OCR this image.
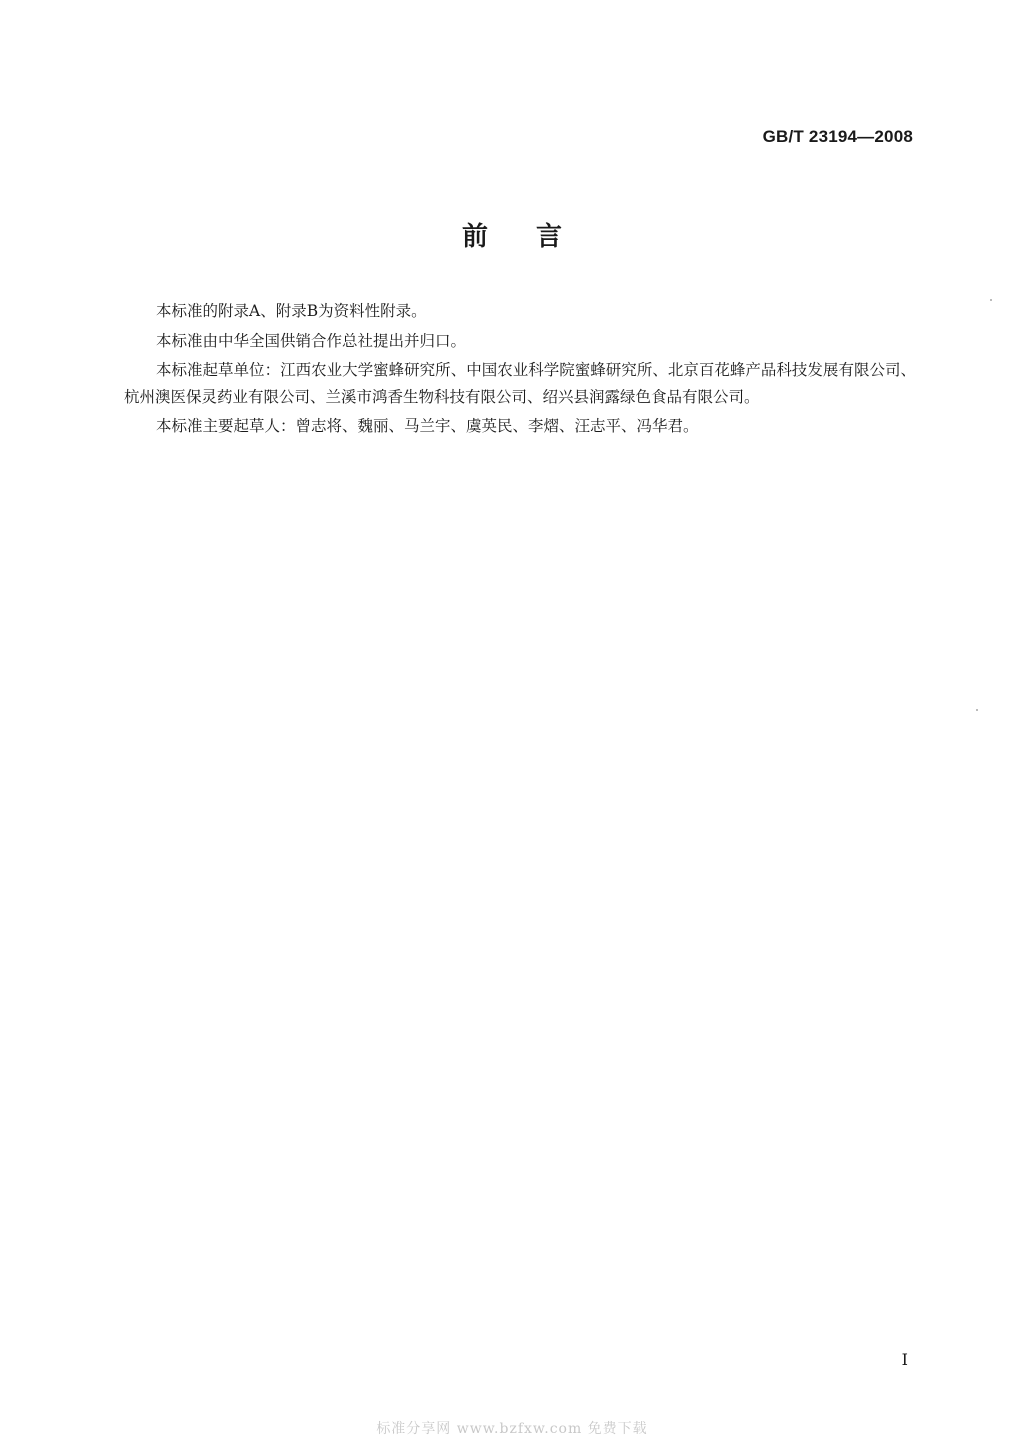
GB/T 23194—2008
前言

本标准的附录A、附录B为资料性附录。

本标准由中华全国供销合作总社提出并归口。

本标准起草单位：江西农业大学蜜蜂研究所、中国农业科学院蜜蜂研究所、北京百花蜂产品科技发展有限公司、杭州澳医保灵药业有限公司、兰溪市鸿香生物科技有限公司、绍兴县润露绿色食品有限公司。

本标准主要起草人：曾志将、魏丽、马兰宇、虞英民、李熠、汪志平、冯华君。

I
标准分享网 www.bzfxw.com 免费下载
